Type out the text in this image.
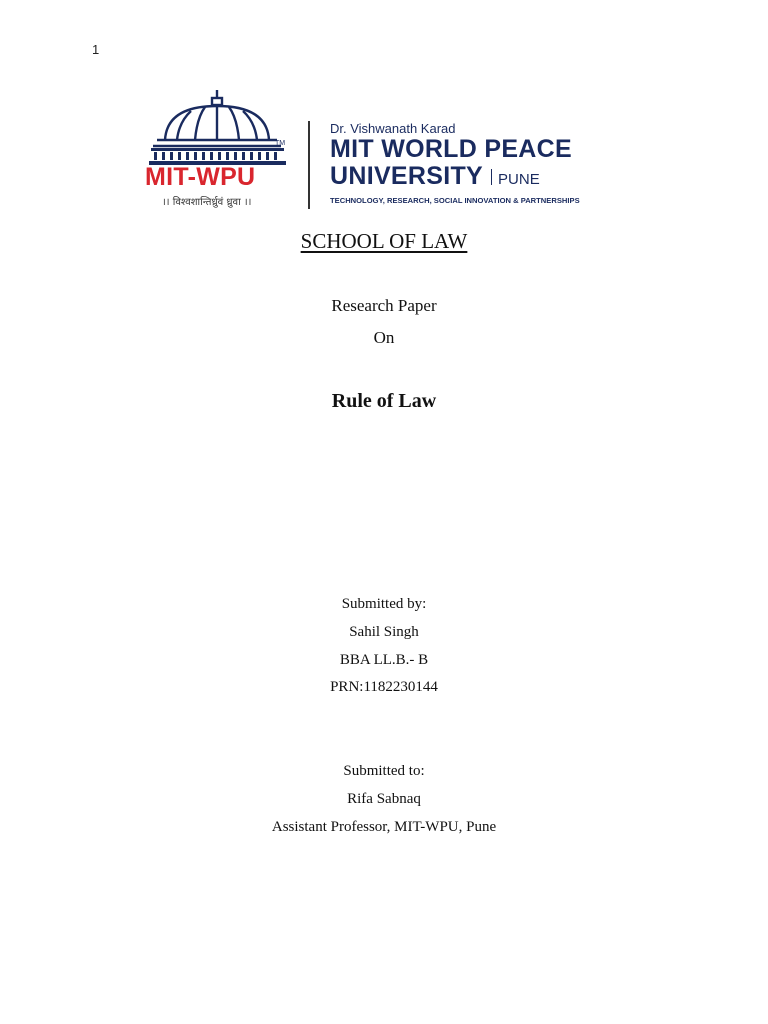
1
TM
MIT-WPU
।। विश्वशान्तिर्ध्रुवं ध्रुवा ।।
Dr. Vishwanath Karad
MIT WORLD PEACE
UNIVERSITY PUNE
TECHNOLOGY, RESEARCH, SOCIAL INNOVATION & PARTNERSHIPS
SCHOOL OF LAW
Research Paper
On
Rule of Law
Submitted by:
Sahil Singh
BBA LL.B.- B
PRN:1182230144
Submitted to:
Rifa Sabnaq
Assistant Professor, MIT-WPU, Pune
